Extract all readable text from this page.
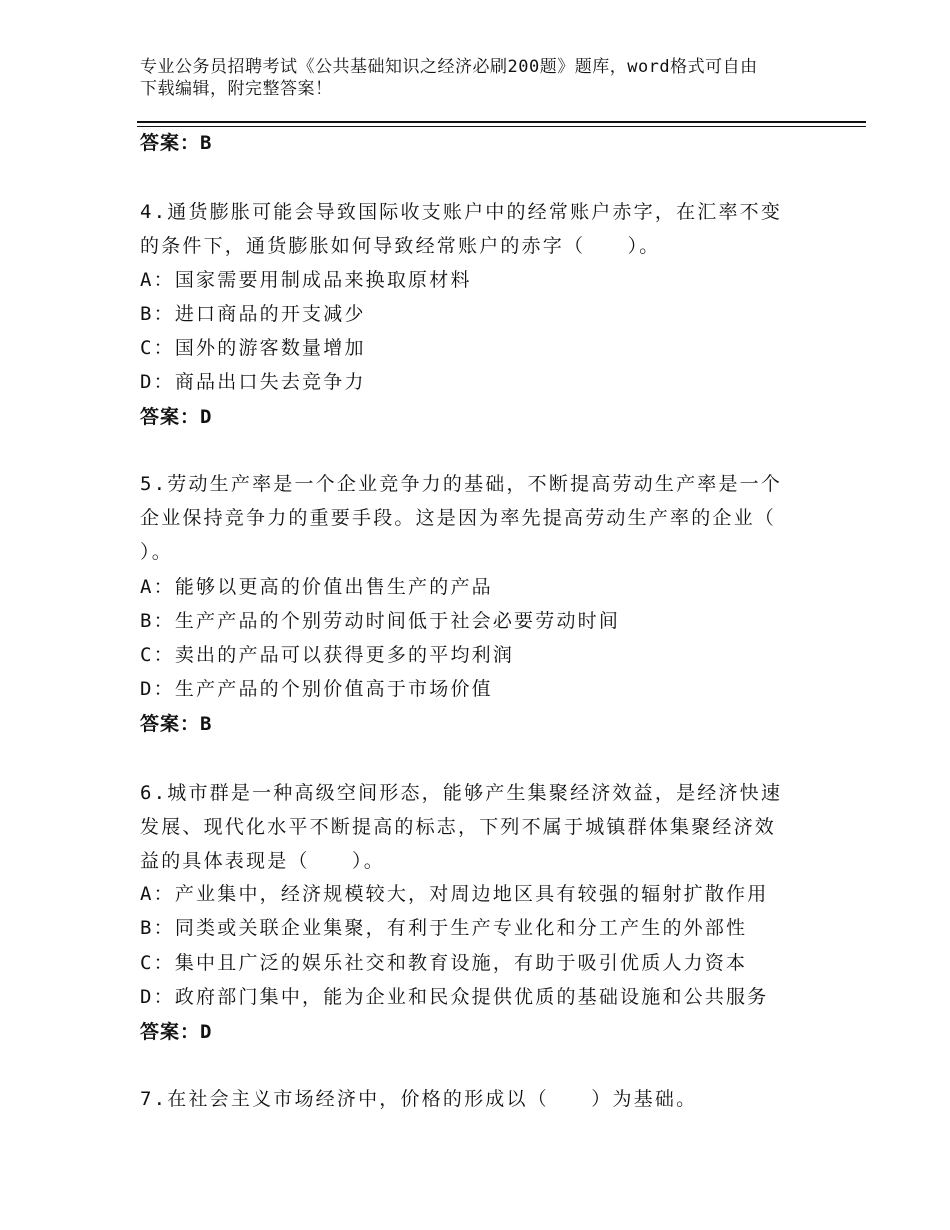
专业公务员招聘考试《公共基础知识之经济必刷200题》题库，word格式可自由
下载编辑，附完整答案！
答案：B
4.通货膨胀可能会导致国际收支账户中的经常账户赤字，在汇率不变
的条件下，通货膨胀如何导致经常账户的赤字（　　）。
A：国家需要用制成品来换取原材料
B：进口商品的开支减少
C：国外的游客数量增加
D：商品出口失去竞争力
答案：D
5.劳动生产率是一个企业竞争力的基础，不断提高劳动生产率是一个
企业保持竞争力的重要手段。这是因为率先提高劳动生产率的企业（
）。
A：能够以更高的价值出售生产的产品
B：生产产品的个别劳动时间低于社会必要劳动时间
C：卖出的产品可以获得更多的平均利润
D：生产产品的个别价值高于市场价值
答案：B
6.城市群是一种高级空间形态，能够产生集聚经济效益，是经济快速
发展、现代化水平不断提高的标志，下列不属于城镇群体集聚经济效
益的具体表现是（　　）。
A：产业集中，经济规模较大，对周边地区具有较强的辐射扩散作用
B：同类或关联企业集聚，有利于生产专业化和分工产生的外部性
C：集中且广泛的娱乐社交和教育设施，有助于吸引优质人力资本
D：政府部门集中，能为企业和民众提供优质的基础设施和公共服务
答案：D
7.在社会主义市场经济中，价格的形成以（　　）为基础。
